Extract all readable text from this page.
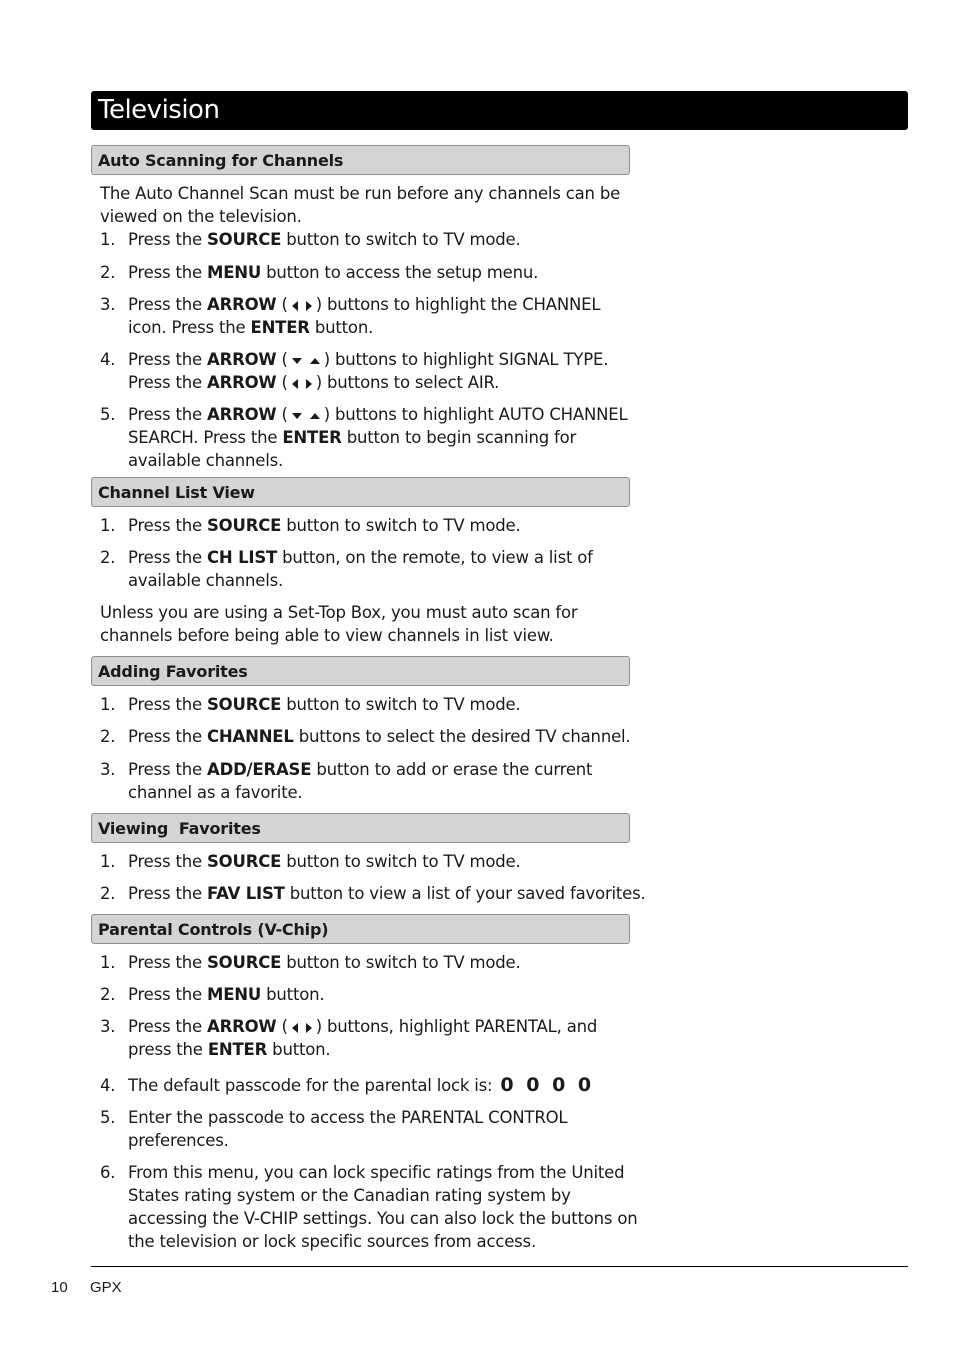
Television
Auto Scanning for Channels
The Auto Channel Scan must be run before any channels can be viewed on the television.
1. Press the SOURCE button to switch to TV mode.
2. Press the MENU button to access the setup menu.
3. Press the ARROW ( ) buttons to highlight the CHANNEL icon. Press the ENTER button.
4. Press the ARROW ( ) buttons to highlight SIGNAL TYPE.
Press the ARROW ( ) buttons to select AIR.
5. Press the ARROW ( ) buttons to highlight AUTO CHANNEL SEARCH. Press the ENTER button to begin scanning for available channels.
Channel List View
1. Press the SOURCE button to switch to TV mode.
2. Press the CH LIST button, on the remote, to view a list of available channels.
Unless you are using a Set-Top Box, you must auto scan for channels before being able to view channels in list view.
Adding Favorites
1. Press the SOURCE button to switch to TV mode.
2. Press the CHANNEL buttons to select the desired TV channel.
3. Press the ADD/ERASE button to add or erase the current channel as a favorite.
Viewing  Favorites
1. Press the SOURCE button to switch to TV mode.
2. Press the FAV LIST button to view a list of your saved favorites.
Parental Controls (V-Chip)
1. Press the SOURCE button to switch to TV mode.
2. Press the MENU button.
3. Press the ARROW ( ) buttons, highlight PARENTAL, and press the ENTER button.
4. The default passcode for the parental lock is: 0 0 0 0
5. Enter the passcode to access the PARENTAL CONTROL preferences.
6. From this menu, you can lock specific ratings from the United States rating system or the Canadian rating system by accessing the V-CHIP settings. You can also lock the buttons on the television or lock specific sources from access.
10 GPX
